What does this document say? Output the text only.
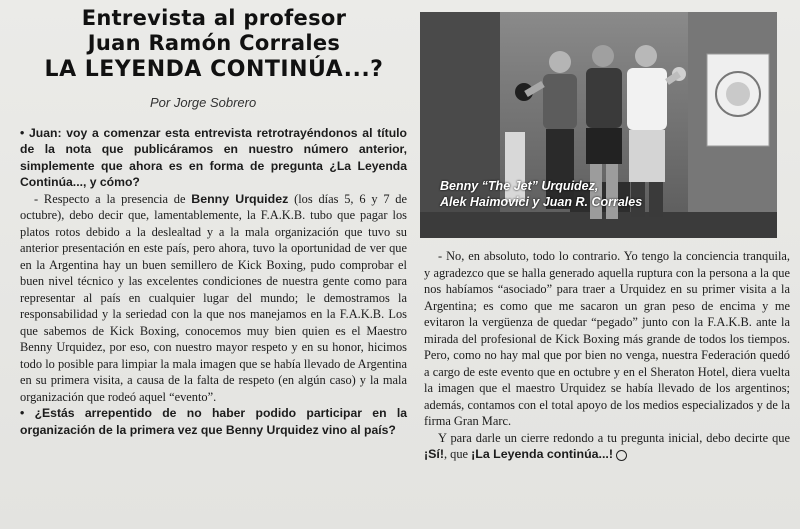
Entrevista al profesor
Juan Ramón Corrales
LA LEYENDA CONTINÚA...?
Por Jorge Sobrero
Benny “The Jet” Urquidez,
Alek Haimovici y Juan R. Corrales

• Juan: voy a comenzar esta entrevista retrotrayéndonos al título de la nota que publicáramos en nuestro número anterior, simplemente que ahora es en forma de pregunta ¿La Leyenda Continúa..., y cómo?

- Respecto a la presencia de Benny Urquidez (los días 5, 6 y 7 de octubre), debo decir que, lamentablemente, la F.A.K.B. tubo que pagar los platos rotos debido a la deslealtad y a la mala organización que tuvo su anterior presentación en este país, pero ahora, tuvo la oportunidad de ver que en la Argentina hay un buen semillero de Kick Boxing, pudo comprobar el buen nivel técnico y las excelentes condiciones de nuestra gente como para representar al país en cualquier lugar del mundo; le demostramos la responsabilidad y la seriedad con la que nos manejamos en la F.A.K.B. Los que sabemos de Kick Boxing, conocemos muy bien quien es el Maestro Benny Urquidez, por eso, con nuestro mayor respeto y en su honor, hicimos todo lo posible para limpiar la mala imagen que se había llevado de Argentina en su primera visita, a causa de la falta de respeto (en algún caso) y la mala organización que rodeó aquel “evento”.

• ¿Estás arrepentido de no haber podido participar en la organización de la primera vez que Benny Urquidez vino al país?

- No, en absoluto, todo lo contrario. Yo tengo la conciencia tranquila, y agradezco que se halla generado aquella ruptura con la persona a la que nos habíamos “asociado” para traer a Urquidez en su primer visita a la Argentina; es como que me sacaron un gran peso de encima y me evitaron la vergüenza de quedar “pegado” junto con la F.A.K.B. ante la mirada del profesional de Kick Boxing más grande de todos los tiempos. Pero, como no hay mal que por bien no venga, nuestra Federación quedó a cargo de este evento que en octubre y en el Sheraton Hotel, diera vuelta la imagen que el maestro Urquidez se había llevado de los argentinos; además, contamos con el total apoyo de los medios especializados y de la firma Gran Marc.

Y para darle un cierre redondo a tu pregunta inicial, debo decirte que ¡Sí!, que ¡La Leyenda continúa...!
